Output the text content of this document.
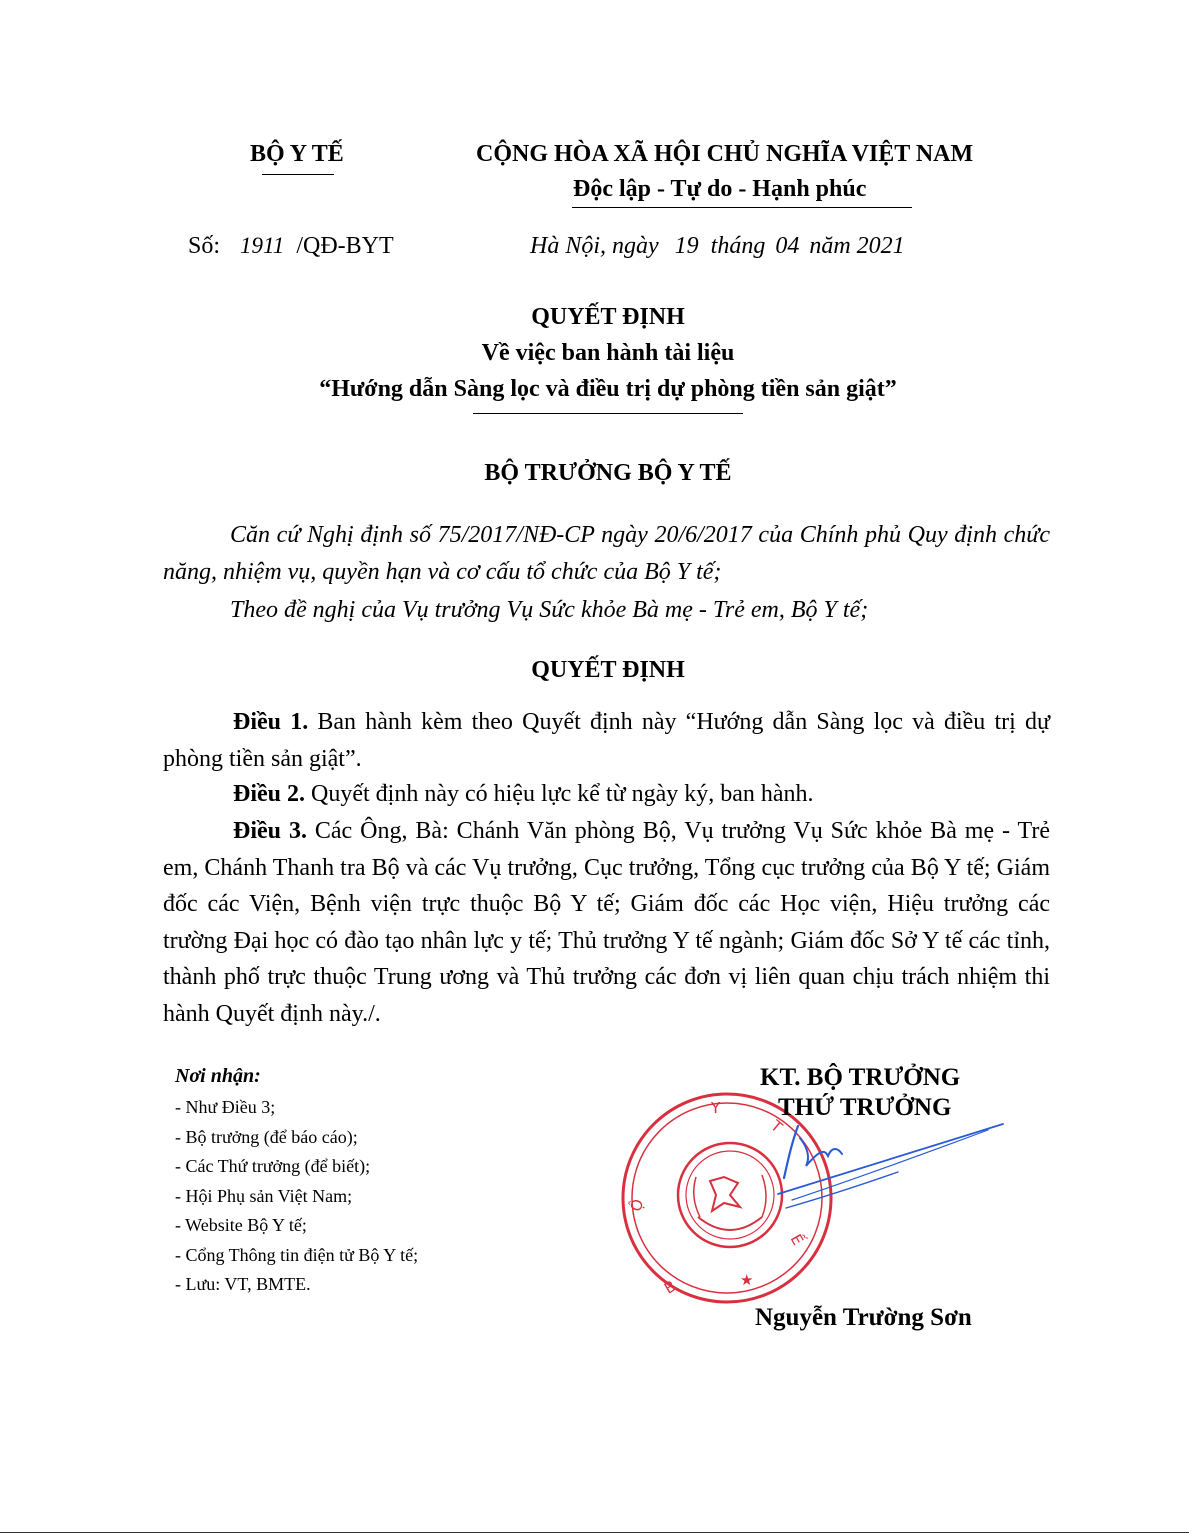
BỘ Y TẾ	CỘNG HÒA XÃ HỘI CHỦ NGHĨA VIỆT NAM
Độc lập - Tự do - Hạnh phúc
Số: 1911 /QĐ-BYT	Hà Nội, ngày 19 tháng 04 năm 2021
QUYẾT ĐỊNH
Về việc ban hành tài liệu
“Hướng dẫn Sàng lọc và điều trị dự phòng tiền sản giật”
BỘ TRƯỞNG BỘ Y TẾ
Căn cứ Nghị định số 75/2017/NĐ-CP ngày 20/6/2017 của Chính phủ Quy định chức năng, nhiệm vụ, quyền hạn và cơ cấu tổ chức của Bộ Y tế;
Theo đề nghị của Vụ trưởng Vụ Sức khỏe Bà mẹ - Trẻ em, Bộ Y tế;
QUYẾT ĐỊNH
Điều 1. Ban hành kèm theo Quyết định này “Hướng dẫn Sàng lọc và điều trị dự phòng tiền sản giật”.
Điều 2. Quyết định này có hiệu lực kể từ ngày ký, ban hành.
Điều 3. Các Ông, Bà: Chánh Văn phòng Bộ, Vụ trưởng Vụ Sức khỏe Bà mẹ - Trẻ em, Chánh Thanh tra Bộ và các Vụ trưởng, Cục trưởng, Tổng cục trưởng của Bộ Y tế; Giám đốc các Viện, Bệnh viện trực thuộc Bộ Y tế; Giám đốc các Học viện, Hiệu trưởng các trường Đại học có đào tạo nhân lực y tế; Thủ trưởng Y tế ngành; Giám đốc Sở Y tế các tỉnh, thành phố trực thuộc Trung ương và Thủ trưởng các đơn vị liên quan chịu trách nhiệm thi hành Quyết định này./.
Nơi nhận:
- Như Điều 3;
- Bộ trưởng (để báo cáo);
- Các Thứ trưởng (để biết);
- Hội Phụ sản Việt Nam;
- Website Bộ Y tế;
- Cổng Thông tin điện tử Bộ Y tế;
- Lưu: VT, BMTE.
Y
Ộ
B
Ế
T
★
KT. BỘ TRƯỞNG
THỨ TRƯỞNG
Nguyễn Trường Sơn
